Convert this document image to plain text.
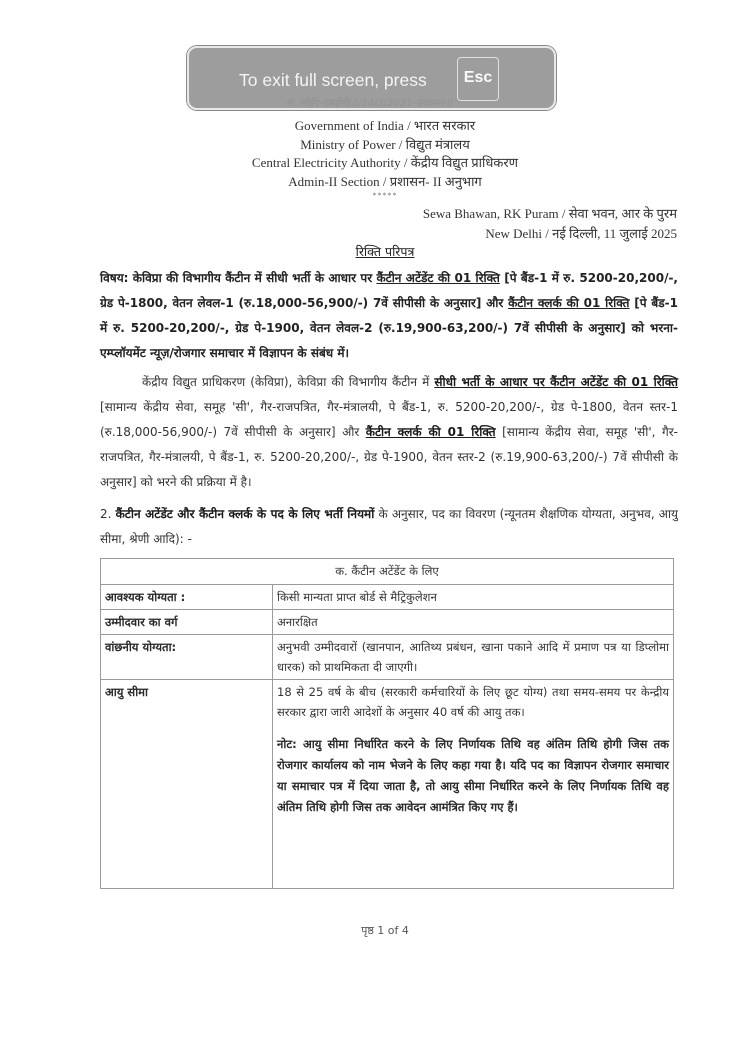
Government of India / भारत सरकार
Ministry of Power / विद्युत मंत्रालय
Central Electricity Authority / केंद्रीय विद्युत प्राधिकरण
Admin-II Section / प्रशासन- II अनुभाग
*****
Sewa Bhawan, RK Puram / सेवा भवन, आर के पुरम
New Delhi / नई दिल्ली, 11 जुलाई 2025
रिक्ति परिपत्र
विषय: केविप्रा की विभागीय कैंटीन में सीधी भर्ती के आधार पर कैंटीन अटेंडेंट की 01 रिक्ति [पे बैंड-1 में रु. 5200-20,200/-, ग्रेड पे-1800, वेतन लेवल-1 (रु.18,000-56,900/-) 7वें सीपीसी के अनुसार] और कैंटीन क्लर्क की 01 रिक्ति [पे बैंड-1 में रु. 5200-20,200/-, ग्रेड पे-1900, वेतन लेवल-2 (रु.19,900-63,200/-) 7वें सीपीसी के अनुसार] को भरना-एम्प्लॉयमेंट न्यूज़/रोजगार समाचार में विज्ञापन के संबंध में।
केंद्रीय विद्युत प्राधिकरण (केविप्रा), केविप्रा की विभागीय कैंटीन में सीधी भर्ती के आधार पर कैंटीन अटेंडेंट की 01 रिक्ति [सामान्य केंद्रीय सेवा, समूह 'सी', गैर-राजपत्रित, गैर-मंत्रालयी, पे बैंड-1, रु. 5200-20,200/-, ग्रेड पे-1800, वेतन स्तर-1 (रु.18,000-56,900/-) 7वें सीपीसी के अनुसार] और कैंटीन क्लर्क की 01 रिक्ति [सामान्य केंद्रीय सेवा, समूह 'सी', गैर-राजपत्रित, गैर-मंत्रालयी, पे बैंड-1, रु. 5200-20,200/-, ग्रेड पे-1900, वेतन स्तर-2 (रु.19,900-63,200/-) 7वें सीपीसी के अनुसार] को भरने की प्रक्रिया में है।
2. कैंटीन अटेंडेंट और कैंटीन क्लर्क के पद के लिए भर्ती नियमों के अनुसार, पद का विवरण (न्यूनतम शैक्षणिक योग्यता, अनुभव, आयु सीमा, श्रेणी आदि): -
क. कैंटीन अटेंडेंट के लिए	
आवश्यक योग्यता :	किसी मान्यता प्राप्त बोर्ड से मैट्रिकुलेशन
उम्मीदवार का वर्ग	अनारक्षित
वांछनीय योग्यता:	अनुभवी उम्मीदवारों (खानपान, आतिथ्य प्रबंधन, खाना पकाने आदि में प्रमाण पत्र या डिप्लोमा धारक) को प्राथमिकता दी जाएगी।
आयु सीमा	18 से 25 वर्ष के बीच (सरकारी कर्मचारियों के लिए छूट योग्य) तथा समय-समय पर केन्द्रीय सरकार द्वारा जारी आदेशों के अनुसार 40 वर्ष की आयु तक।
नोट: आयु सीमा निर्धारित करने के लिए निर्णायक तिथि वह अंतिम तिथि होगी जिस तक रोजगार कार्यालय को नाम भेजने के लिए कहा गया है। यदि पद का विज्ञापन रोजगार समाचार या समाचार पत्र में दिया जाता है, तो आयु सीमा निर्धारित करने के लिए निर्णायक तिथि वह अंतिम तिथि होगी जिस तक आवेदन आमंत्रित किए गए हैं।
पृष्ठ 1 of 4
To exit full screen, press	Esc
